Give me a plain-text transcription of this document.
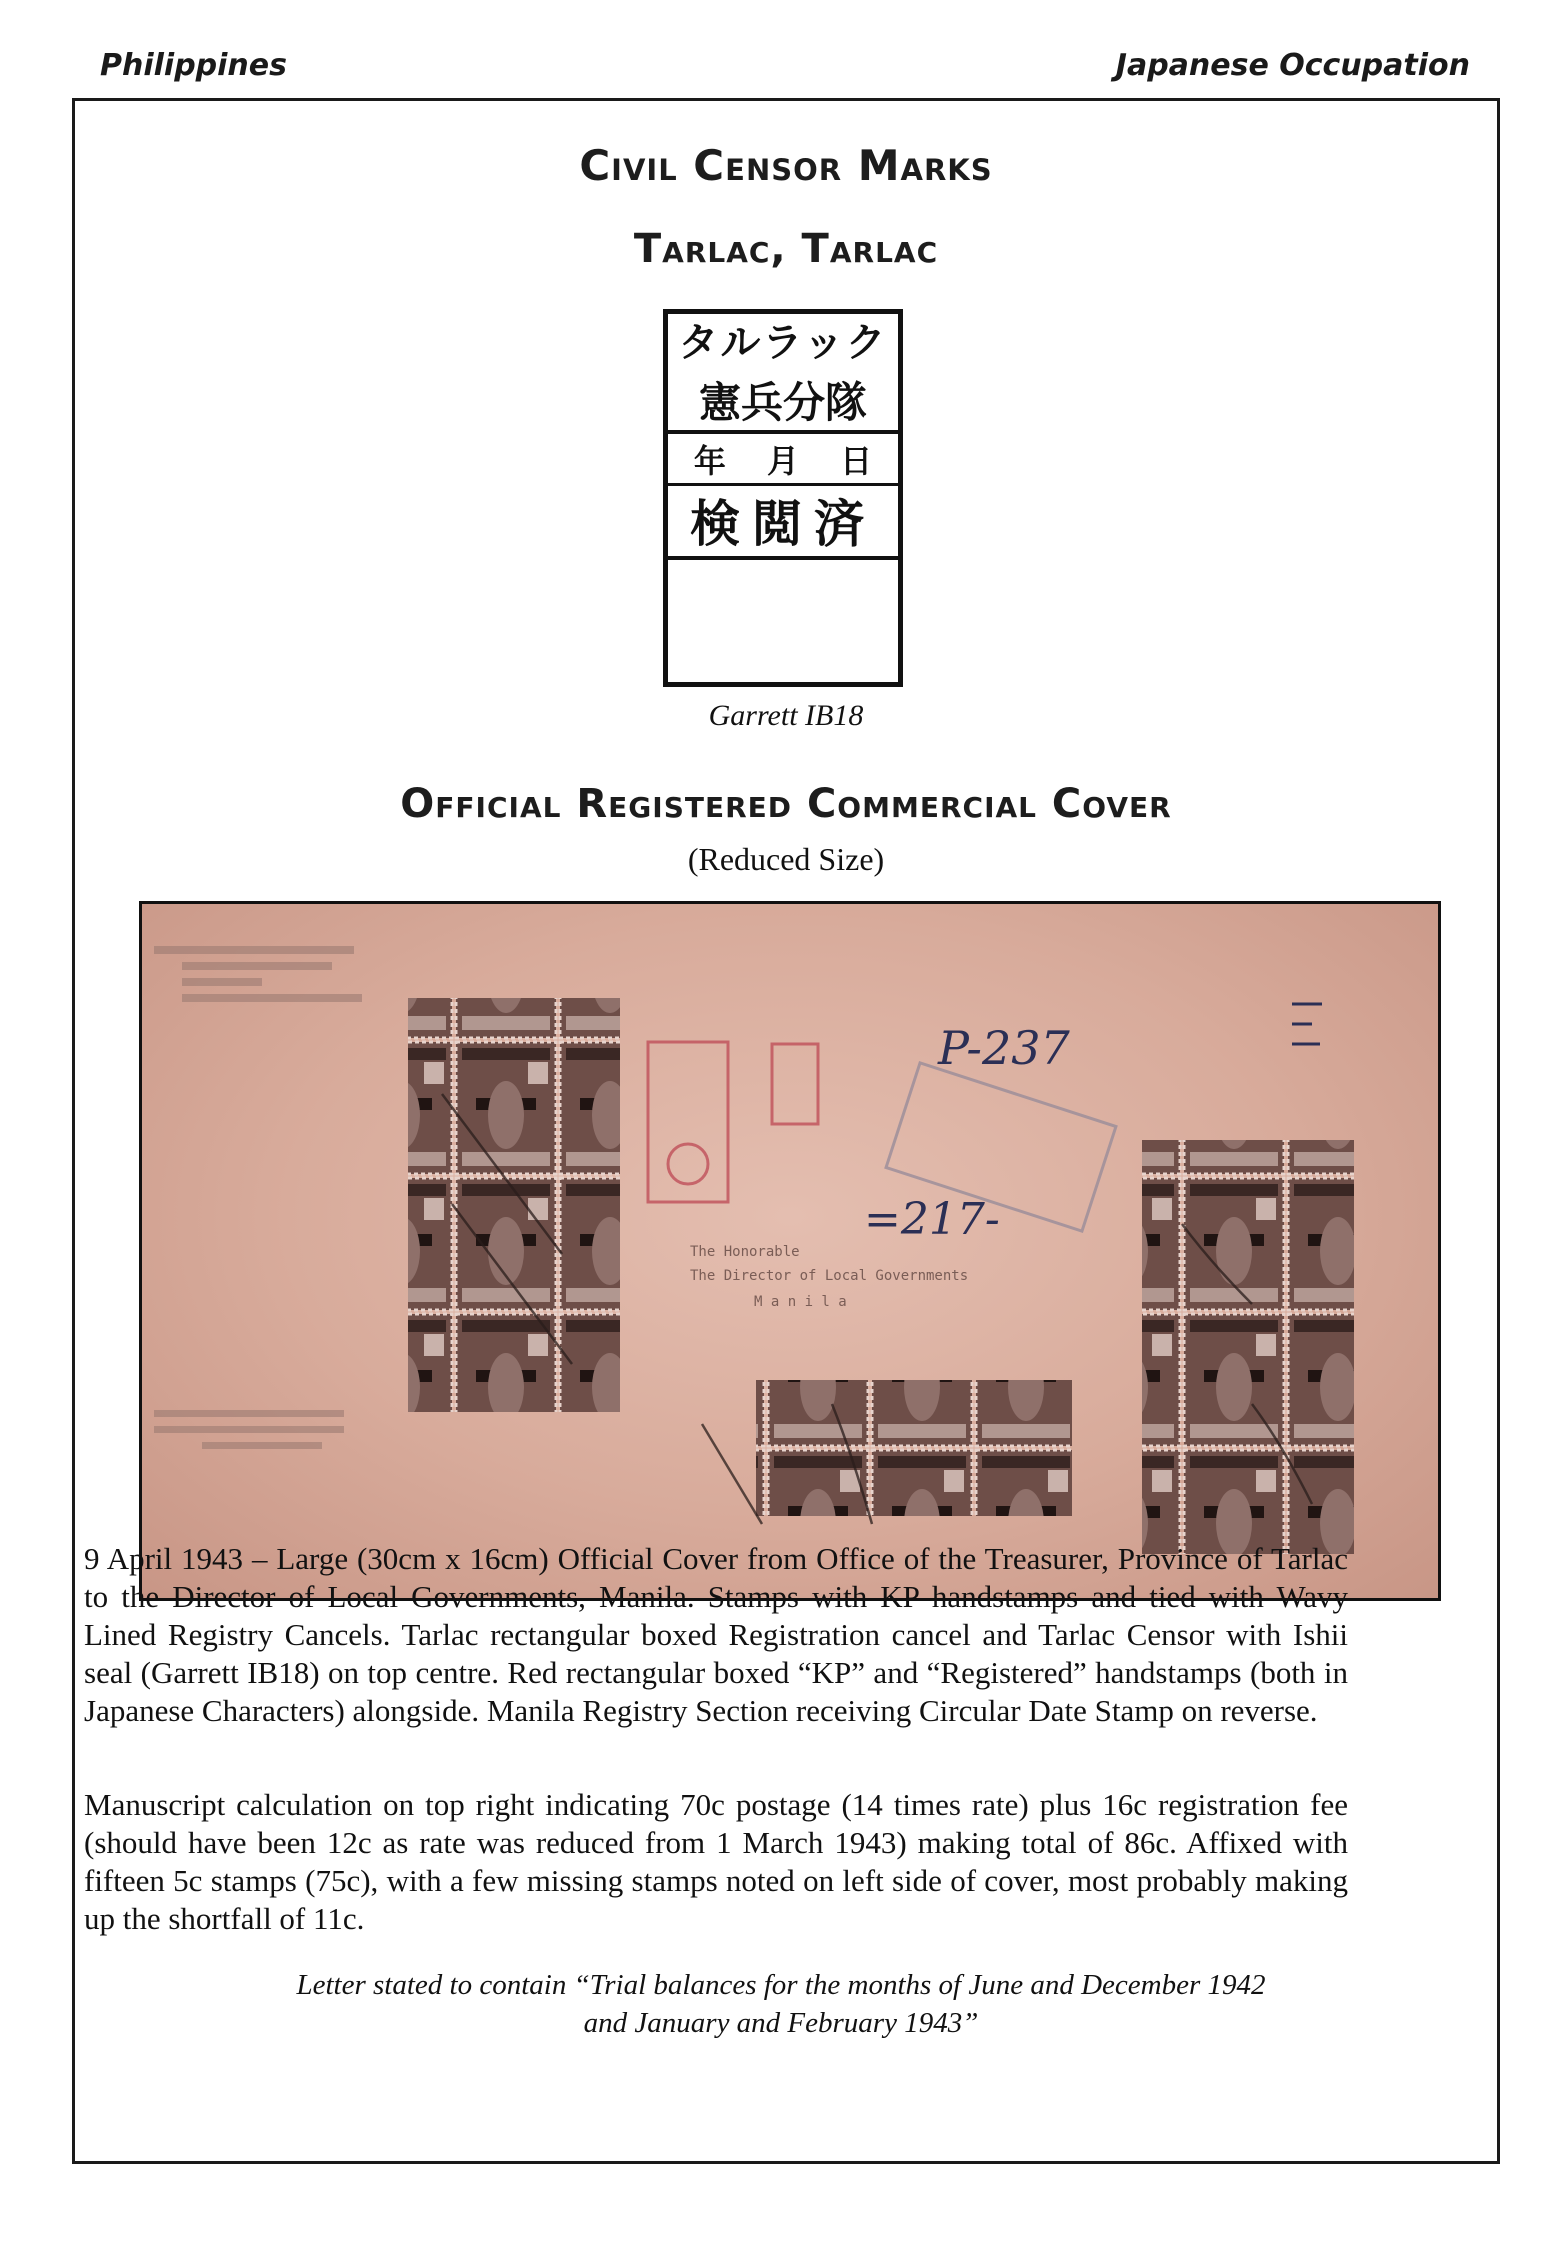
Philippines	Japanese Occupation
Civil Censor Marks
Tarlac, Tarlac
タルラック
憲兵分隊
年 月 日
検閲済
Garrett IB18
Official Registered Commercial Cover
(Reduced Size)
P-237
=217-
The Honorable
The Director of Local Governments
M a n i l a
9 April 1943 – Large (30cm x 16cm) Official Cover from Office of the Treasurer, Province of Tarlac to the Director of Local Governments, Manila. Stamps with KP handstamps and tied with Wavy Lined Registry Cancels. Tarlac rectangular boxed Registration cancel and Tarlac Censor with Ishii seal (Garrett IB18) on top centre. Red rectangular boxed “KP” and “Registered” handstamps (both in Japanese Characters) alongside. Manila Registry Section receiving Circular Date Stamp on reverse.
Manuscript calculation on top right indicating 70c postage (14 times rate) plus 16c registration fee (should have been 12c as rate was reduced from 1 March 1943) making total of 86c. Affixed with fifteen 5c stamps (75c), with a few missing stamps noted on left side of cover, most probably making up the shortfall of 11c.
Letter stated to contain “Trial balances for the months of June and December 1942
and January and February 1943”
